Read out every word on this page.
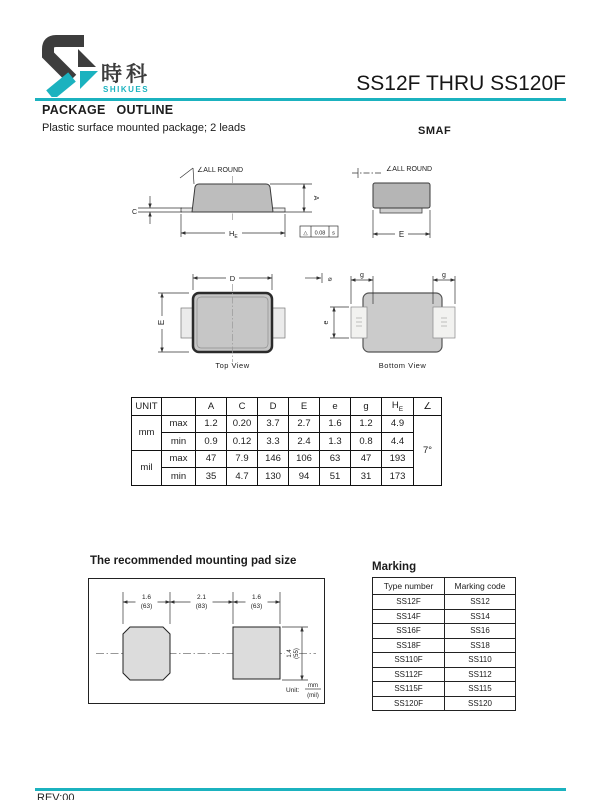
時科
SHIKUES	SS12F THRU SS120F
PACKAGE OUTLINE
Plastic surface mounted package; 2 leads	SMAF
∠ALL ROUND
C
A
$H_E$
△ 0.08 s
∠ALL ROUND
E
D	⌀
E
Top View
g	g
e
Bottom View
UNIT		A	C	D	E	e	g	$H_E$	∠
mm	max	1.2	0.20	3.7	2.7	1.6	1.2	4.9	7°
	min	0.9	0.12	3.3	2.4	1.3	0.8	4.4	
mil	max	47	7.9	146	106	63	47	193	
	min	35	4.7	130	94	51	31	173	
The recommended mounting pad size
1.6
(63)
2.1
(83)
1.6
(63)
1.4 (55)
Unit:
mm
(mil)
Marking
Type number	Marking code
SS12F	SS12
SS14F	SS14
SS16F	SS16
SS18F	SS18
SS110F	SS110
SS112F	SS112
SS115F	SS115
SS120F	SS120
REV:00
